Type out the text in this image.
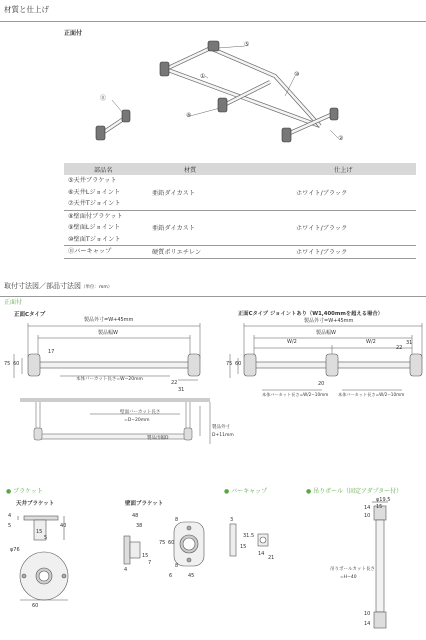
材質と仕上げ
正面付
⑤
①	⑩
⑧
⑪
②
部品名	材質	仕上げ

⑤天井ブラケット
⑥天井Lジョイント
⑦天井Tジョイント	亜鉛ダイカスト	ホワイト/ブラック

⑧壁面付ブラケット
⑨壁面Lジョイント
⑩壁面Tジョイント	亜鉛ダイカスト	ホワイト/ブラック

⑪バーキャップ	硬質ポリエチレン	ホワイト/ブラック
取付寸法図／部品寸法図（単位：mm）
正面付
正面Cタイプ
製品外寸=W+45mm
製品幅W
17
75 60
本体バーカット長さ=W−20mm
22
31
壁面バーカット長さ
=D−20mm
製品出幅D
製品外寸
D+11mm
正面Cタイプ ジョイントあり（W1,400mmを超える場合）
製品外寸=W+45mm
製品幅W
W/2	W/2	31
22
75 60
20
本体バーカット長さ=W/2−10mm 本体バーカット長さ=W/2−10mm
● ブラケット
天井ブラケット	壁面ブラケット
● バーキャップ	● 吊りポール（固定アダプター付）
4
5	40
15
5
φ76
60
48
38
8
75 60
15
7	8
4
6	45
3
31.5
15
14
21
φ19.5
15
14
10
吊りポールカット長さ
=H−40
10
14
